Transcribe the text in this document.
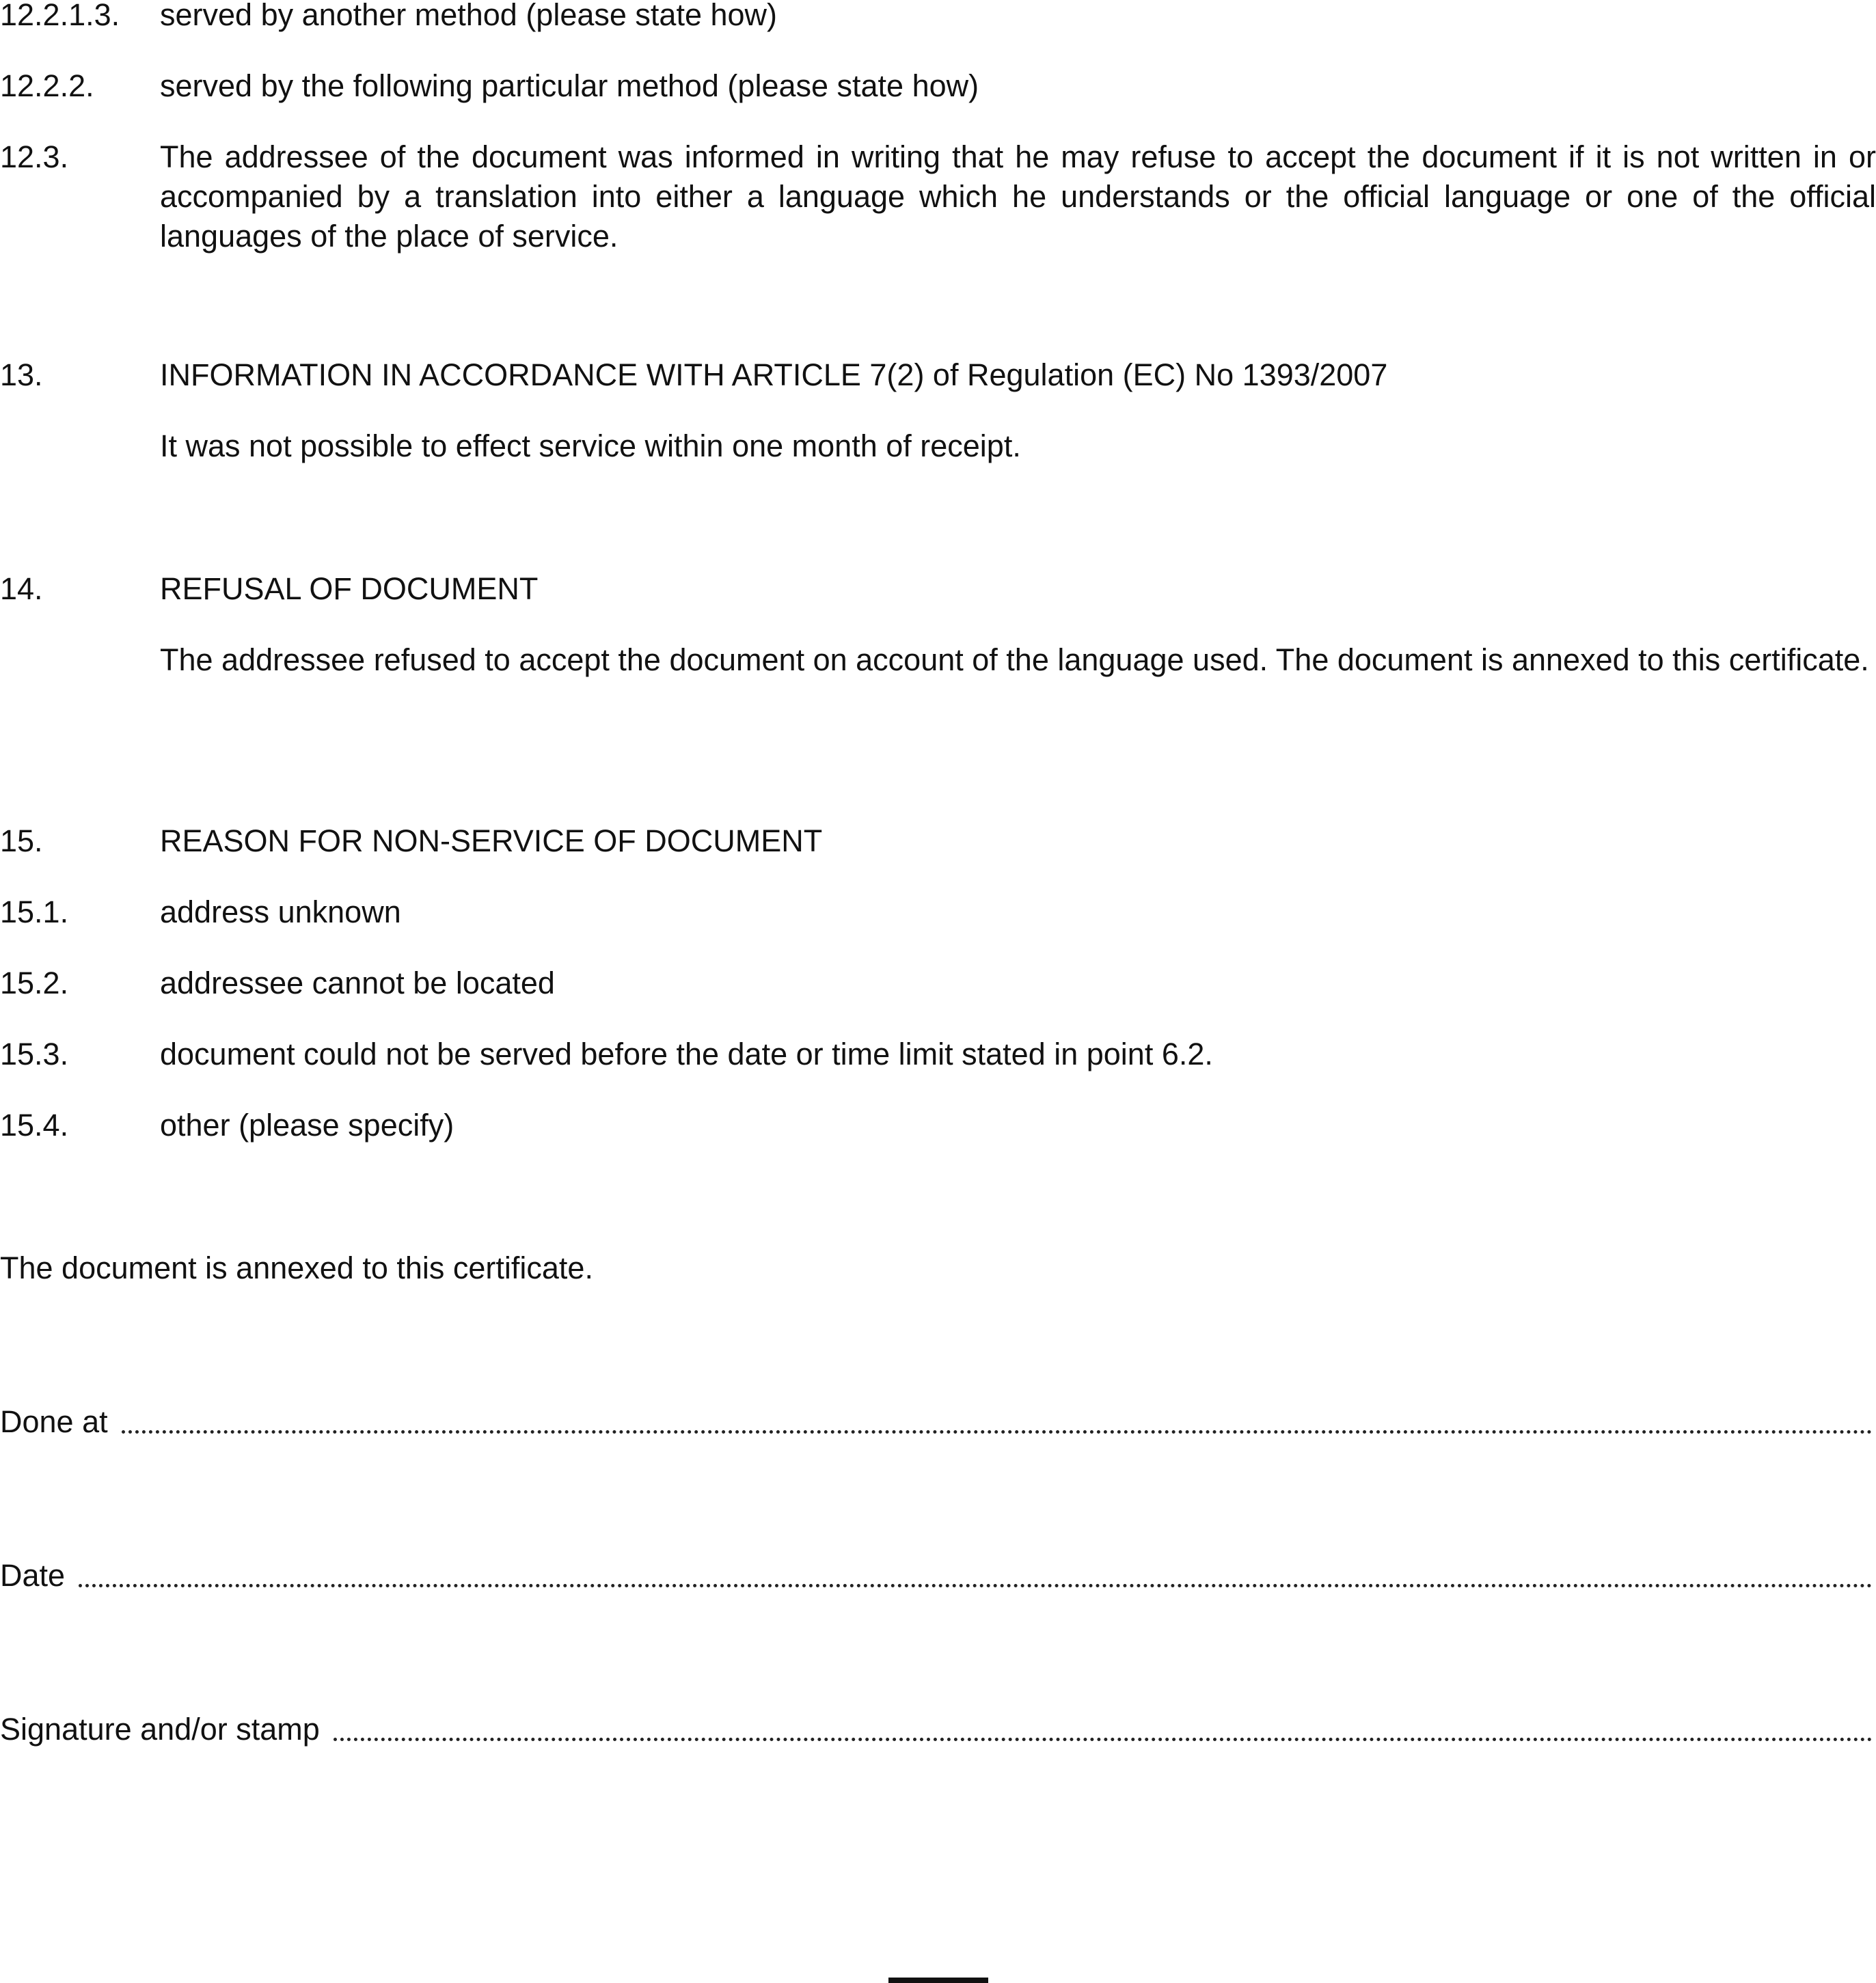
12.2.1.3. served by another method (please state how)
12.2.2. served by the following particular method (please state how)
12.3.	The addressee of the document was informed in writing that he may refuse to accept the document if it is not written in or accompanied by a translation into either a language which he understands or the official language or one of the official languages of the place of service.
13.	INFORMATION IN ACCORDANCE WITH ARTICLE 7(2) of Regulation (EC) No 1393/2007
It was not possible to effect service within one month of receipt.
14.	REFUSAL OF DOCUMENT
The addressee refused to accept the document on account of the language used. The document is annexed to this certificate.
15.	REASON FOR NON-SERVICE OF DOCUMENT
15.1.	address unknown
15.2.	addressee cannot be located
15.3.	document could not be served before the date or time limit stated in point 6.2.
15.4.	other (please specify)
The document is annexed to this certificate.
Done at
Date
Signature and/or stamp
